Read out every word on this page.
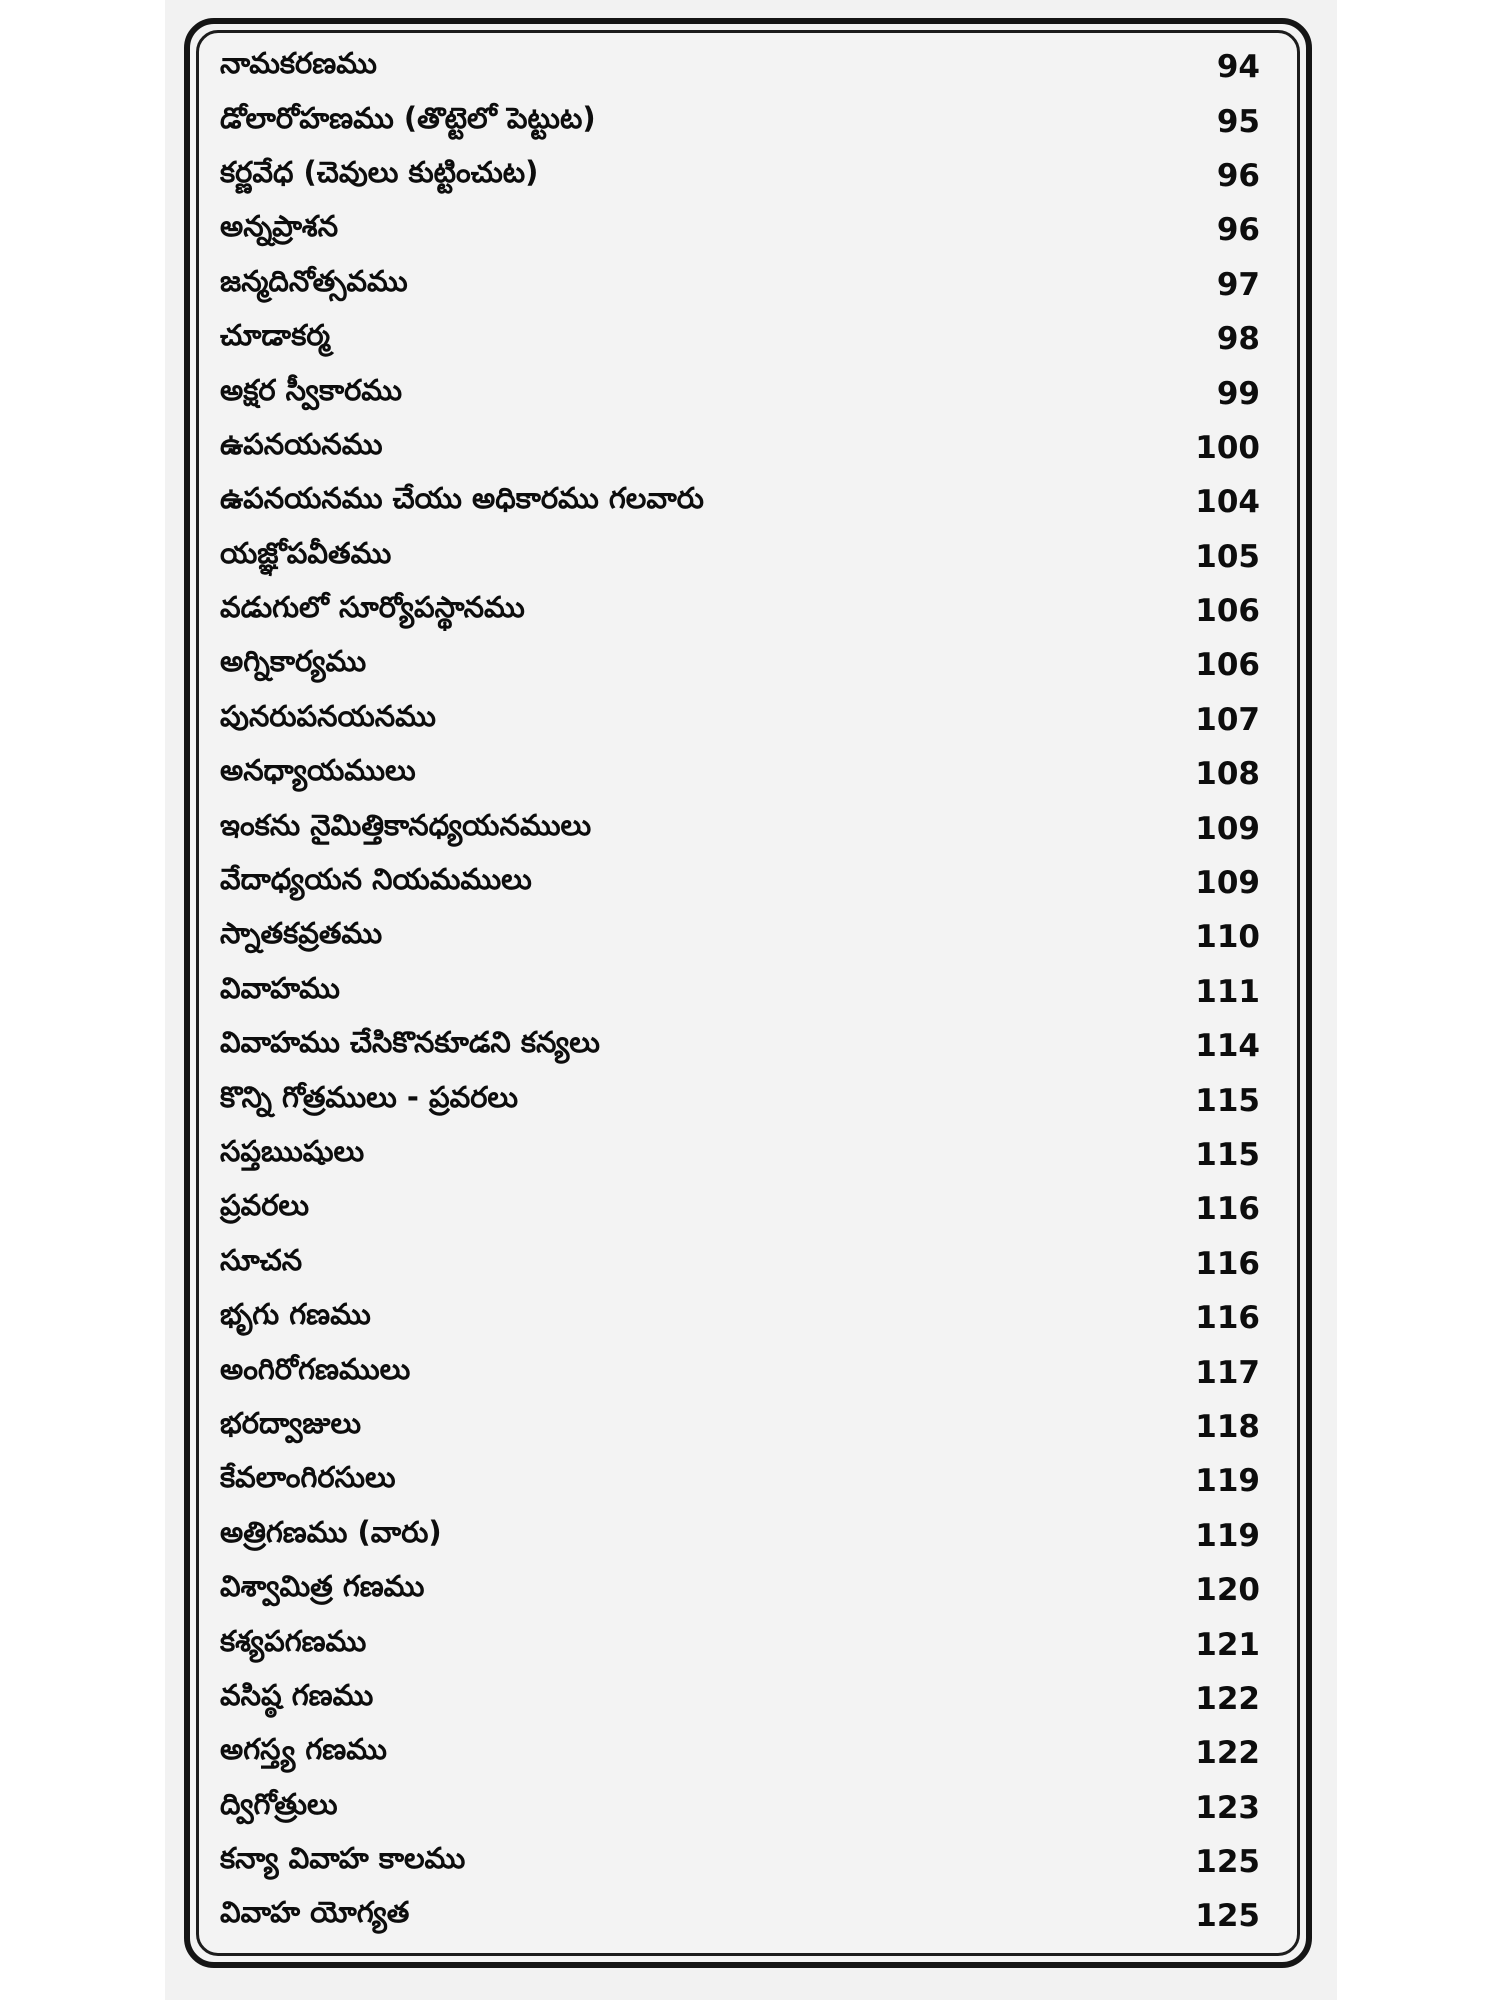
నామకరణము	94
డోలారోహణము (తొట్టెలో పెట్టుట)	95
కర్ణవేధ (చెవులు కుట్టించుట)	96
అన్నప్రాశన	96
జన్మదినోత్సవము	97
చూడాకర్మ	98
అక్షర స్వీకారము	99
ఉపనయనము	100
ఉపనయనము చేయు అధికారము గలవారు	104
యజ్ఞోపవీతము	105
వడుగులో సూర్యోపస్థానము	106
అగ్నికార్యము	106
పునరుపనయనము	107
అనధ్యాయములు	108
ఇంకను నైమిత్తికానధ్యయనములు	109
వేదాధ్యయన నియమములు	109
స్నాతకవ్రతము	110
వివాహము	111
వివాహము చేసికొనకూడని కన్యలు	114
కొన్ని గోత్రములు - ప్రవరలు	115
సప్తఋషులు	115
ప్రవరలు	116
సూచన	116
భృగు గణము	116
అంగిరోగణములు	117
భరద్వాజులు	118
కేవలాంగిరసులు	119
అత్రిగణము (వారు)	119
విశ్వామిత్ర గణము	120
కశ్యపగణము	121
వసిష్ఠ గణము	122
అగస్త్య గణము	122
ద్విగోత్రులు	123
కన్యా వివాహ కాలము	125
వివాహ యోగ్యత	125
